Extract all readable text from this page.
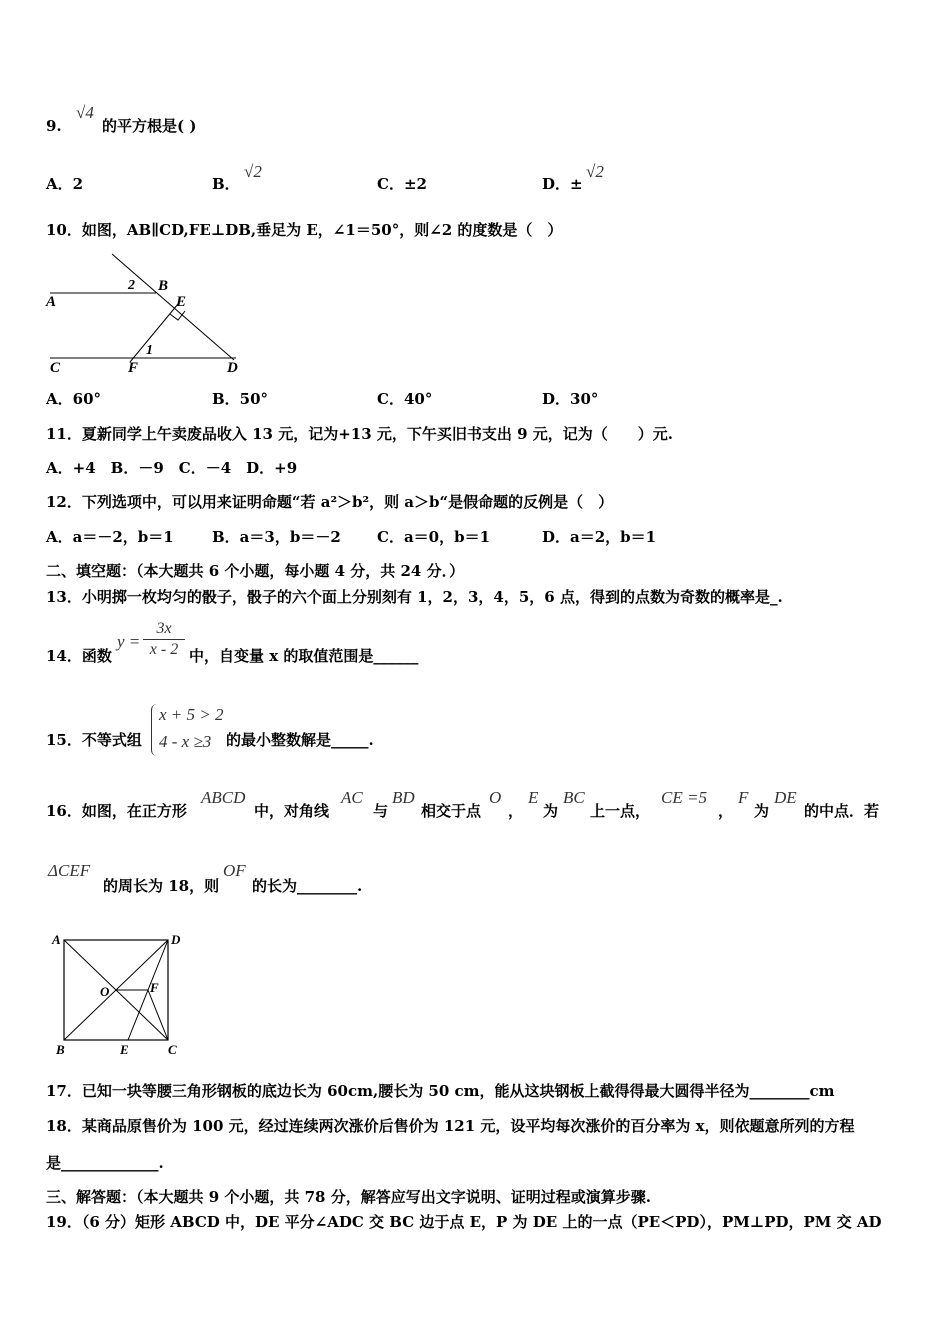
9.
√4
的平方根是( )
A．2	B．
√2
C．±2	D．±
√2
10．如图，AB∥CD,FE⊥DB,垂足为 E，∠1＝50°，则∠2 的度数是（　）
A
B
E
2
1
C	F	D
A．60°	B．50°	C．40°	D．30°
11．夏新同学上午卖废品收入 13 元，记为+13 元，下午买旧书支出 9 元，记为（　　）元.
A．+4　B．－9　C．－4　D．+9
12．下列选项中，可以用来证明命题“若 a²＞b²，则 a＞b“是假命题的反例是（　）
A．a＝－2，b＝1	B．a＝3，b＝－2 C．a＝0，b＝1	D．a＝2，b＝1
二、填空题：（本大题共 6 个小题，每小题 4 分，共 24 分．）
13．小明掷一枚均匀的骰子，骰子的六个面上分别刻有 1，2，3，4，5，6 点，得到的点数为奇数的概率是_.
14．函数
y =
3x
x - 2 中，自变量 x 的取值范围是______
15．不等式组
x + 5 > 2
4 - x ≥3 的最小整数解是_____.
16．如图，在正方形
ABCD
中，对角线
AC
与
BD
相交于点
O
，
E
为
BC
上一点，
CE =5
，
F
为
DE
的中点．若
ΔCEF
的周长为 18，则
OF
的长为________.
A	D
O	F
B	E	C
17．已知一块等腰三角形钢板的底边长为 60cm,腰长为 50 cm，能从这块钢板上截得得最大圆得半径为________cm
18．某商品原售价为 100 元，经过连续两次涨价后售价为 121 元，设平均每次涨价的百分率为 x，则依题意所列的方程
是_____________.
三、解答题：（本大题共 9 个小题，共 78 分，解答应写出文字说明、证明过程或演算步骤.
19．（6 分）矩形 ABCD 中，DE 平分∠ADC 交 BC 边于点 E，P 为 DE 上的一点（PE＜PD），PM⊥PD，PM 交 AD
